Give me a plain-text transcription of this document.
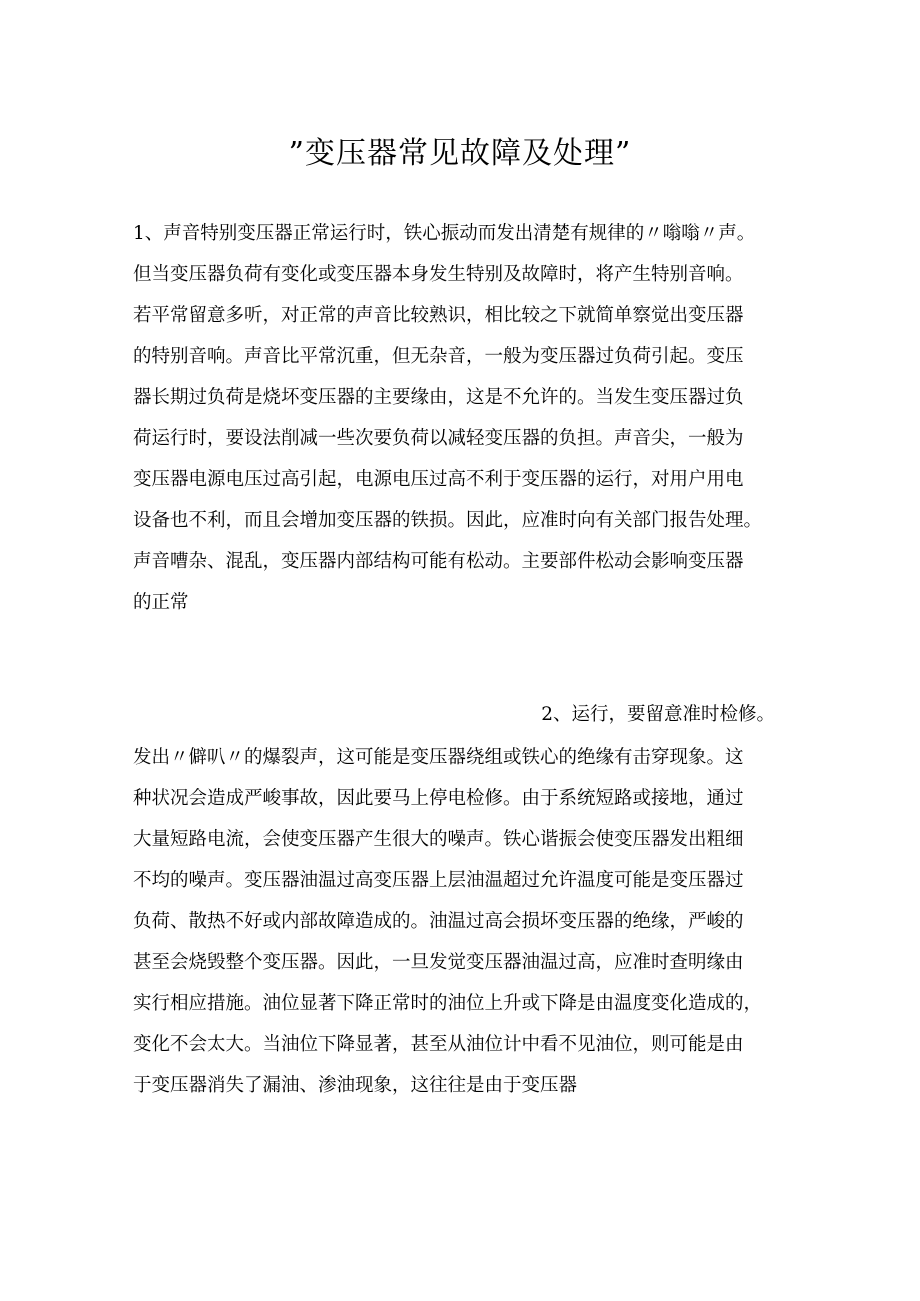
”变压器常见故障及处理”
1、声音特别变压器正常运行时，铁心振动而发出清楚有规律的〃嗡嗡〃声。
但当变压器负荷有变化或变压器本身发生特别及故障时，将产生特别音响。
若平常留意多听，对正常的声音比较熟识，相比较之下就简单察觉出变压器
的特别音响。声音比平常沉重，但无杂音，一般为变压器过负荷引起。变压
器长期过负荷是烧坏变压器的主要缘由，这是不允许的。当发生变压器过负
荷运行时，要设法削减一些次要负荷以减轻变压器的负担。声音尖，一般为
变压器电源电压过高引起，电源电压过高不利于变压器的运行，对用户用电
设备也不利，而且会增加变压器的铁损。因此，应准时向有关部门报告处理。
声音嘈杂、混乱，变压器内部结构可能有松动。主要部件松动会影响变压器
的正常
2、运行，要留意准时检修。
发出〃僻叭〃的爆裂声，这可能是变压器绕组或铁心的绝缘有击穿现象。这
种状况会造成严峻事故，因此要马上停电检修。由于系统短路或接地，通过
大量短路电流，会使变压器产生很大的噪声。铁心谐振会使变压器发出粗细
不均的噪声。变压器油温过高变压器上层油温超过允许温度可能是变压器过
负荷、散热不好或内部故障造成的。油温过高会损坏变压器的绝缘，严峻的
甚至会烧毁整个变压器。因此，一旦发觉变压器油温过高，应准时查明缘由
实行相应措施。油位显著下降正常时的油位上升或下降是由温度变化造成的，
变化不会太大。当油位下降显著，甚至从油位计中看不见油位，则可能是由
于变压器消失了漏油、渗油现象，这往往是由于变压器
